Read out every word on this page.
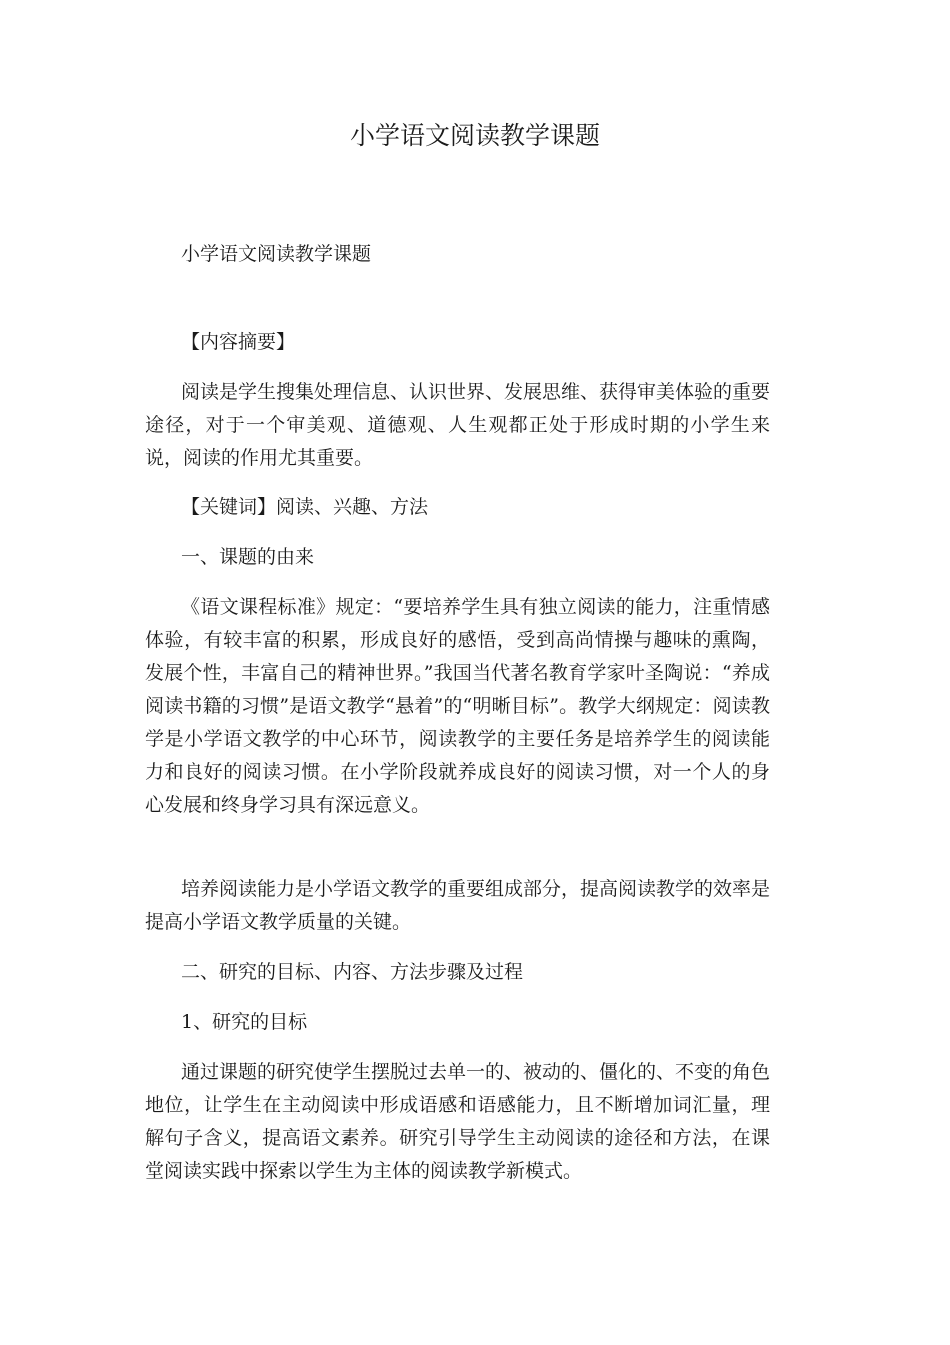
小学语文阅读教学课题

小学语文阅读教学课题

【内容摘要】

阅读是学生搜集处理信息、认识世界、发展思维、获得审美体验的重要途径，对于一个审美观、道德观、人生观都正处于形成时期的小学生来说，阅读的作用尤其重要。

【关键词】阅读、兴趣、方法

一、课题的由来

《语文课程标准》规定：“要培养学生具有独立阅读的能力，注重情感体验，有较丰富的积累，形成良好的感悟，受到高尚情操与趣味的熏陶，发展个性，丰富自己的精神世界。”我国当代著名教育学家叶圣陶说：“养成阅读书籍的习惯”是语文教学“悬着”的“明晰目标”。教学大纲规定：阅读教学是小学语文教学的中心环节，阅读教学的主要任务是培养学生的阅读能力和良好的阅读习惯。在小学阶段就养成良好的阅读习惯，对一个人的身心发展和终身学习具有深远意义。

培养阅读能力是小学语文教学的重要组成部分，提高阅读教学的效率是提高小学语文教学质量的关键。

二、研究的目标、内容、方法步骤及过程

1、研究的目标

通过课题的研究使学生摆脱过去单一的、被动的、僵化的、不变的角色地位，让学生在主动阅读中形成语感和语感能力，且不断增加词汇量，理解句子含义，提高语文素养。研究引导学生主动阅读的途径和方法，在课堂阅读实践中探索以学生为主体的阅读教学新模式。
